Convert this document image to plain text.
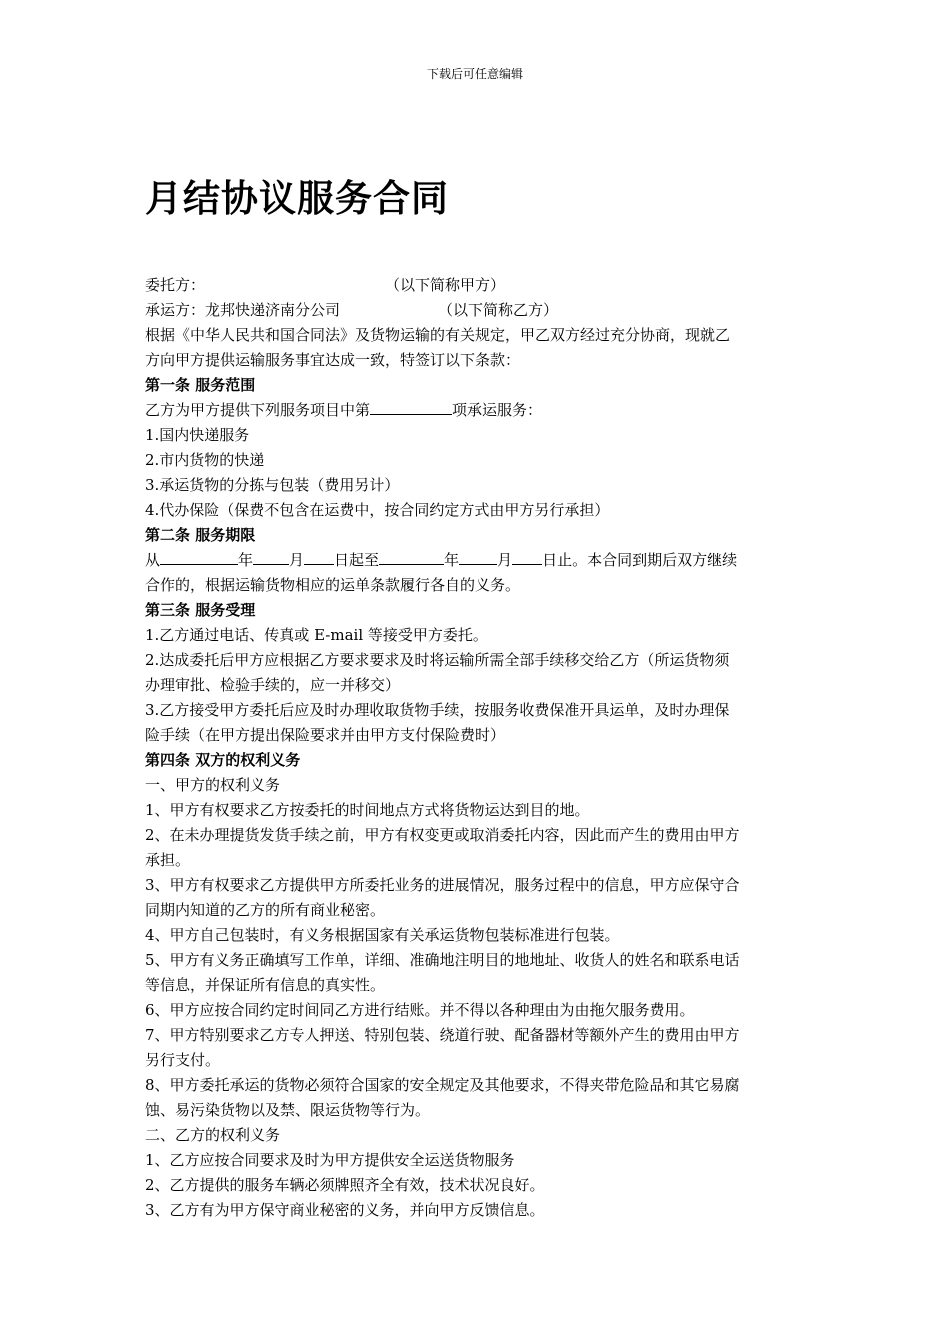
下载后可任意编辑
月结协议服务合同
委托方：	（以下简称甲方）
承运方：龙邦快递济南分公司	（以下简称乙方）
根据《中华人民共和国合同法》及货物运输的有关规定，甲乙双方经过充分协商，现就乙
方向甲方提供运输服务事宜达成一致，特签订以下条款：
第一条 服务范围
乙方为甲方提供下列服务项目中第	项承运服务：
1.国内快递服务
2.市内货物的快递
3.承运货物的分拣与包装（费用另计）
4.代办保险（保费不包含在运费中，按合同约定方式由甲方另行承担）
第二条 服务期限
从	年 月 日起至	年	月 日止。本合同到期后双方继续
合作的，根据运输货物相应的运单条款履行各自的义务。
第三条 服务受理
1.乙方通过电话、传真或 E-mail 等接受甲方委托。
2.达成委托后甲方应根据乙方要求要求及时将运输所需全部手续移交给乙方（所运货物须
办理审批、检验手续的，应一并移交）
3.乙方接受甲方委托后应及时办理收取货物手续，按服务收费保准开具运单，及时办理保
险手续（在甲方提出保险要求并由甲方支付保险费时）
第四条 双方的权利义务
一、甲方的权利义务
1、甲方有权要求乙方按委托的时间地点方式将货物运达到目的地。
2、在未办理提货发货手续之前，甲方有权变更或取消委托内容，因此而产生的费用由甲方
承担。
3、甲方有权要求乙方提供甲方所委托业务的进展情况，服务过程中的信息，甲方应保守合
同期内知道的乙方的所有商业秘密。
4、甲方自己包装时，有义务根据国家有关承运货物包装标准进行包装。
5、甲方有义务正确填写工作单，详细、准确地注明目的地地址、收货人的姓名和联系电话
等信息，并保证所有信息的真实性。
6、甲方应按合同约定时间同乙方进行结账。并不得以各种理由为由拖欠服务费用。
7、甲方特别要求乙方专人押送、特别包装、绕道行驶、配备器材等额外产生的费用由甲方
另行支付。
8、甲方委托承运的货物必须符合国家的安全规定及其他要求，不得夹带危险品和其它易腐
蚀、易污染货物以及禁、限运货物等行为。
二、乙方的权利义务
1、乙方应按合同要求及时为甲方提供安全运送货物服务
2、乙方提供的服务车辆必须牌照齐全有效，技术状况良好。
3、乙方有为甲方保守商业秘密的义务，并向甲方反馈信息。
